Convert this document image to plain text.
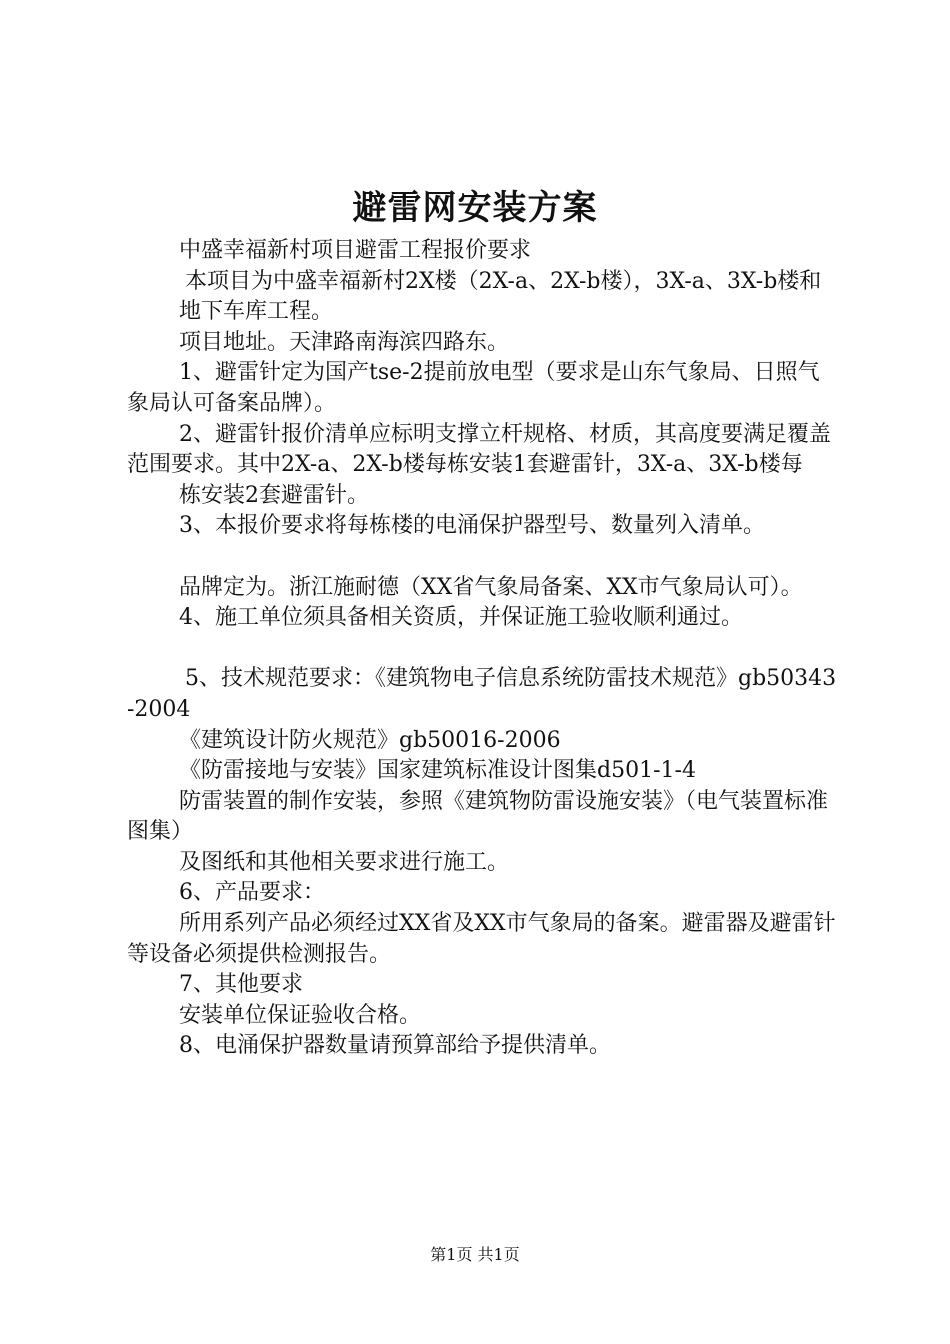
避雷网安装方案

中盛幸福新村项目避雷工程报价要求

本项目为中盛幸福新村2X楼（2X-a、2X-b楼），3X-a、3X-b楼和

地下车库工程。

项目地址。天津路南海滨四路东。

1、避雷针定为国产tse-2提前放电型（要求是山东气象局、日照气象局认可备案品牌）。

2、避雷针报价清单应标明支撑立杆规格、材质，其高度要满足覆盖范围要求。其中2X-a、2X-b楼每栋安装1套避雷针，3X-a、3X-b楼每

栋安装2套避雷针。

3、本报价要求将每栋楼的电涌保护器型号、数量列入清单。

品牌定为。浙江施耐德（XX省气象局备案、XX市气象局认可）。

4、施工单位须具备相关资质，并保证施工验收顺利通过。

5、技术规范要求：《建筑物电子信息系统防雷技术规范》gb50343-2004

《建筑设计防火规范》gb50016-2006

《防雷接地与安装》国家建筑标准设计图集d501-1-4

防雷装置的制作安装，参照《建筑物防雷设施安装》（电气装置标准图集）

及图纸和其他相关要求进行施工。

6、产品要求：

所用系列产品必须经过XX省及XX市气象局的备案。避雷器及避雷针等设备必须提供检测报告。

7、其他要求

安装单位保证验收合格。

8、电涌保护器数量请预算部给予提供清单。

第1页 共1页
